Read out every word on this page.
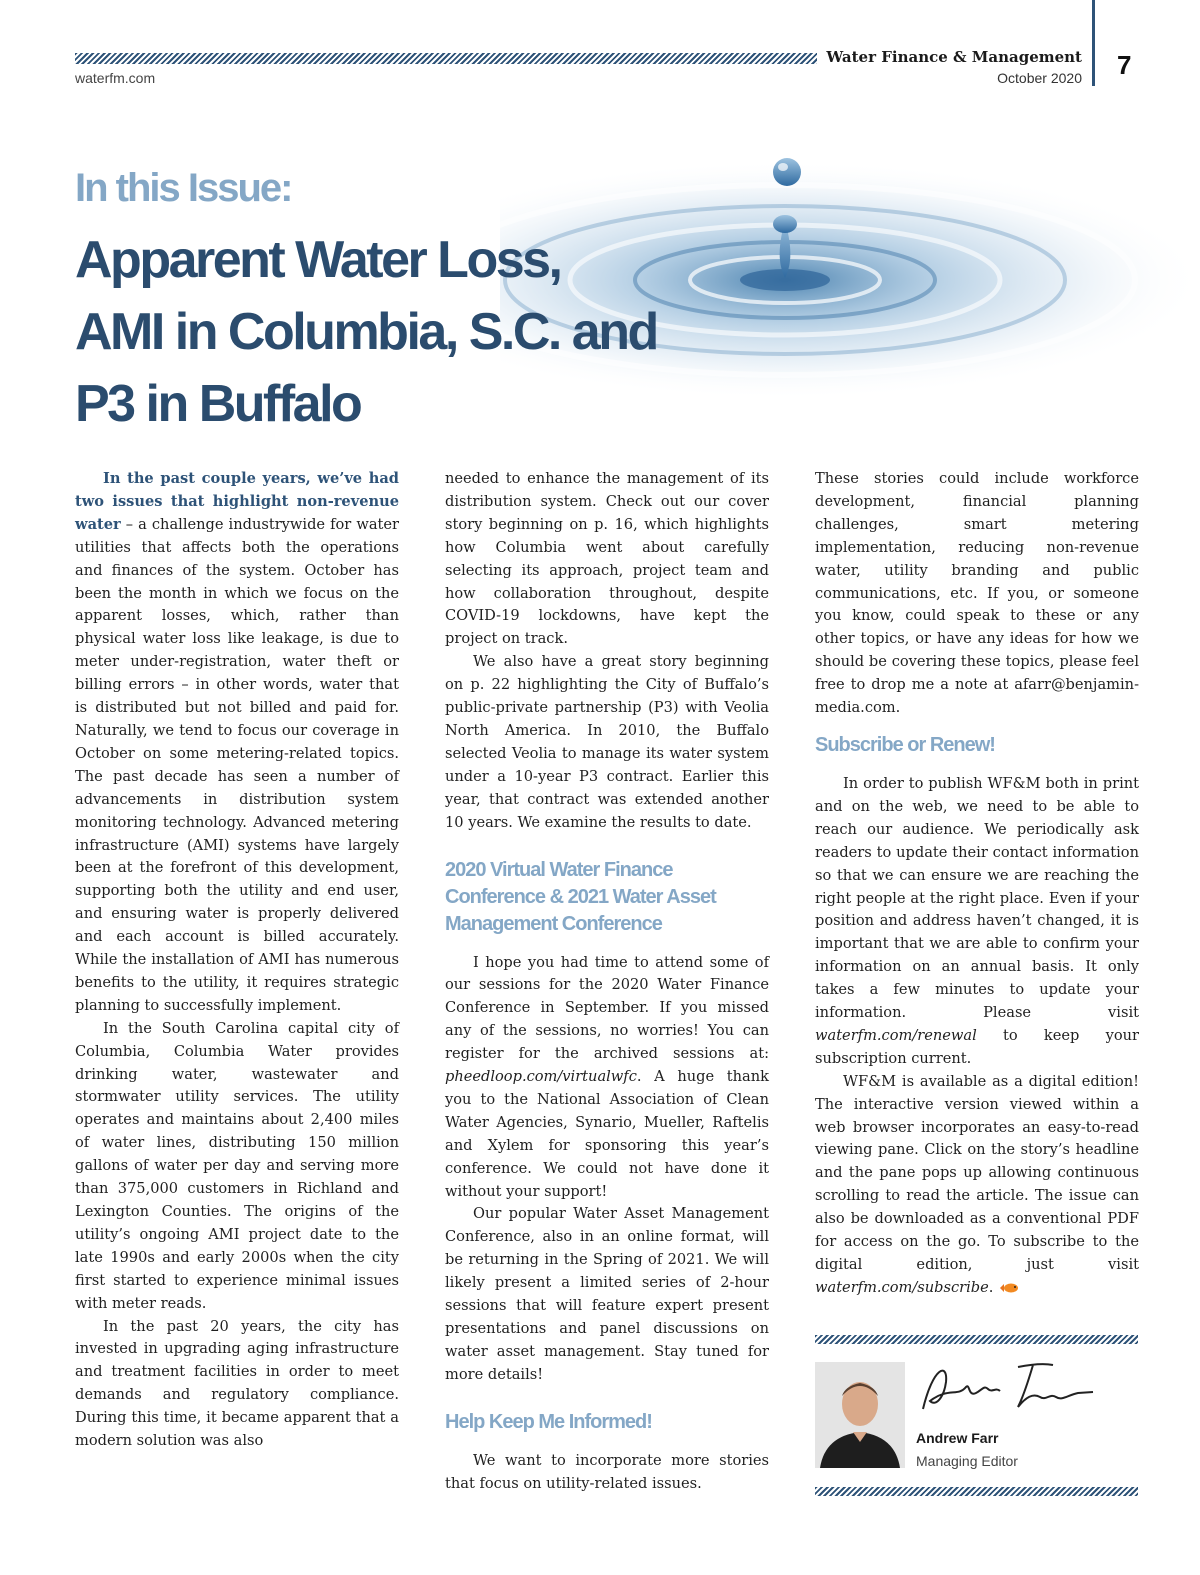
Water Finance & Management
October 2020
waterfm.com	7
In this Issue:
Apparent Water Loss,
AMI in Columbia, S.C. and
P3 in Buffalo

In the past couple years, we’ve had two issues that highlight non-revenue water – a challenge industrywide for water utilities that affects both the operations and finances of the system. October has been the month in which we focus on the apparent losses, which, rather than physical water loss like leakage, is due to meter under-registration, water theft or billing errors – in other words, water that is distributed but not billed and paid for. Naturally, we tend to focus our coverage in October on some metering-related topics. The past decade has seen a number of advancements in distribution system monitoring technology. Advanced metering infrastructure (AMI) systems have largely been at the forefront of this development, supporting both the utility and end user, and ensuring water is properly delivered and each account is billed accurately. While the installation of AMI has numerous benefits to the utility, it requires strategic planning to successfully implement.

In the South Carolina capital city of Columbia, Columbia Water provides drinking water, wastewater and stormwater utility services. The utility operates and maintains about 2,400 miles of water lines, distributing 150 million gallons of water per day and serving more than 375,000 customers in Richland and Lexington Counties. The origins of the utility’s ongoing AMI project date to the late 1990s and early 2000s when the city first started to experience minimal issues with meter reads.

In the past 20 years, the city has invested in upgrading aging infrastructure and treatment facilities in order to meet demands and regulatory compliance. During this time, it became apparent that a modern solution was also

needed to enhance the management of its distribution system. Check out our cover story beginning on p. 16, which highlights how Columbia went about carefully selecting its approach, project team and how collaboration throughout, despite COVID-19 lockdowns, have kept the project on track.

We also have a great story beginning on p. 22 highlighting the City of Buffalo’s public-private partnership (P3) with Veolia North America. In 2010, the Buffalo selected Veolia to manage its water system under a 10-year P3 contract. Earlier this year, that contract was extended another 10 years. We examine the results to date.

2020 Virtual Water Finance Conference & 2021 Water Asset Management Conference

I hope you had time to attend some of our sessions for the 2020 Water Finance Conference in September. If you missed any of the sessions, no worries! You can register for the archived sessions at: pheedloop.com/virtualwfc. A huge thank you to the National Association of Clean Water Agencies, Synario, Mueller, Raftelis and Xylem for sponsoring this year’s conference. We could not have done it without your support!

Our popular Water Asset Management Conference, also in an online format, will be returning in the Spring of 2021. We will likely present a limited series of 2-hour sessions that will feature expert present presentations and panel discussions on water asset management. Stay tuned for more details!

Help Keep Me Informed!

We want to incorporate more stories that focus on utility-related issues.

These stories could include workforce development, financial planning challenges, smart metering implementation, reducing non-revenue water, utility branding and public communications, etc. If you, or someone you know, could speak to these or any other topics, or have any ideas for how we should be covering these topics, please feel free to drop me a note at afarr@benjamin-media.com.

Subscribe or Renew!

In order to publish WF&M both in print and on the web, we need to be able to reach our audience. We periodically ask readers to update their contact information so that we can ensure we are reaching the right people at the right place. Even if your position and address haven’t changed, it is important that we are able to confirm your information on an annual basis. It only takes a few minutes to update your information. Please visit waterfm.com/renewal to keep your subscription current.

WF&M is available as a digital edition! The interactive version viewed within a web browser incorporates an easy-to-read viewing pane. Click on the story’s headline and the pane pops up allowing continuous scrolling to read the article. The issue can also be downloaded as a conventional PDF for access on the go. To subscribe to the digital edition, just visit waterfm.com/subscribe.

Andrew Farr
Managing Editor
